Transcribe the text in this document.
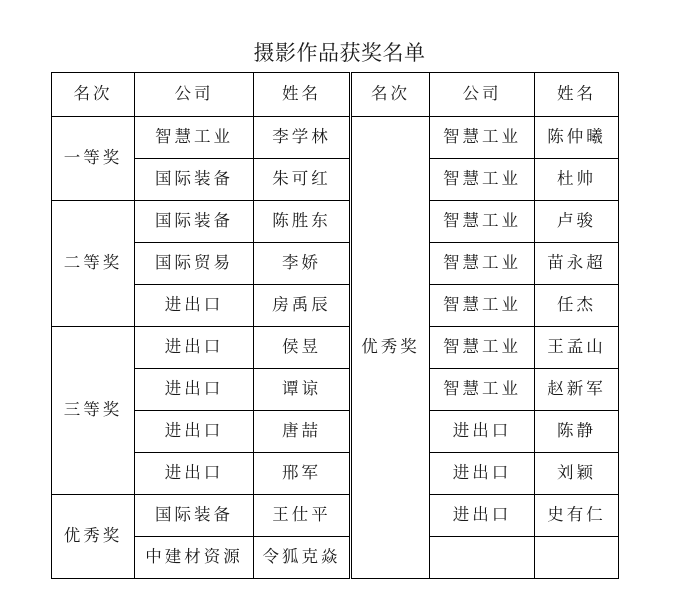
摄影作品获奖名单
名次	公司	姓名	名次	公司	姓名
一等奖	智慧工业	李学林	优秀奖	智慧工业	陈仲曦
	国际装备	朱可红		智慧工业	杜帅
二等奖	国际装备	陈胜东		智慧工业	卢骏
	国际贸易	李娇		智慧工业	苗永超
	进出口	房禹辰		智慧工业	任杰
三等奖	进出口	侯昱		智慧工业	王孟山
	进出口	谭谅		智慧工业	赵新军
	进出口	唐喆		进出口	陈静
	进出口	邢军		进出口	刘颖
优秀奖	国际装备	王仕平		进出口	史有仁
	中建材资源	令狐克焱			
